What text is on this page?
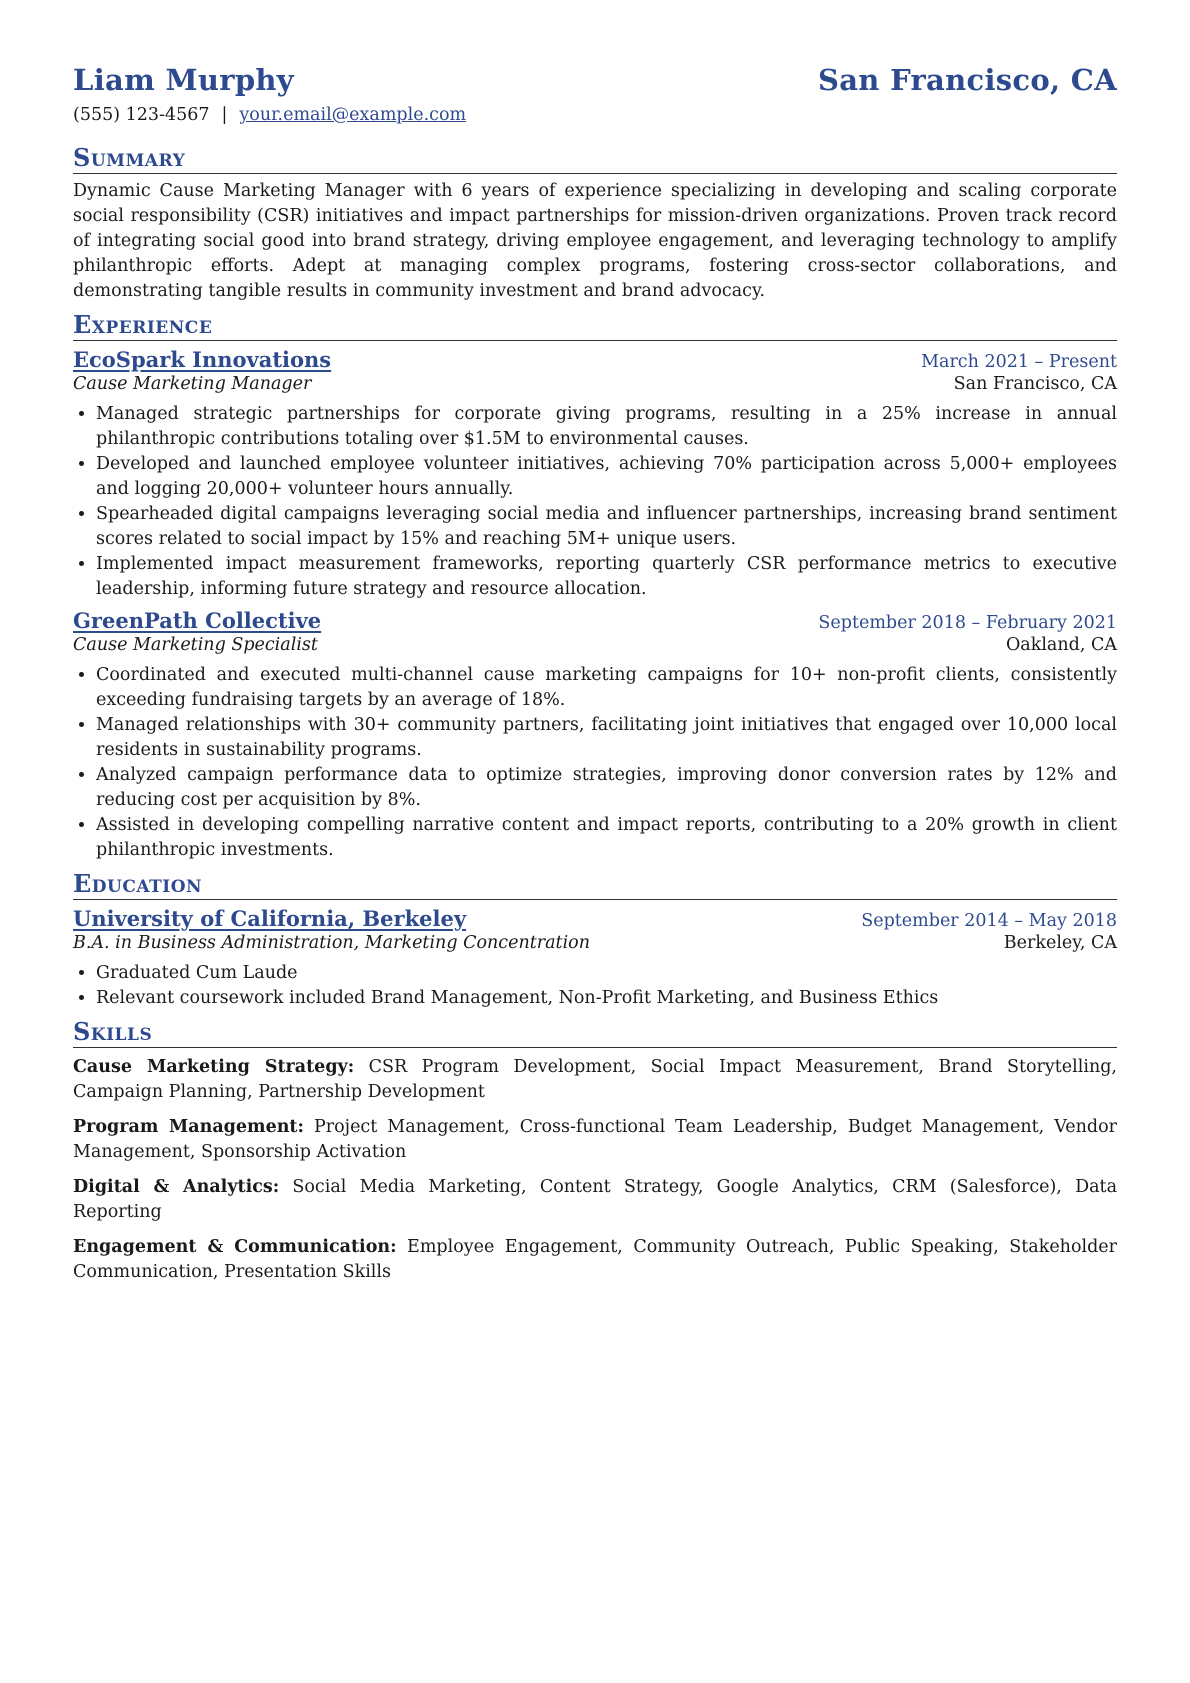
Liam Murphy	San Francisco, CA
(555) 123-4567 | your.email@example.com
Summary
Dynamic Cause Marketing Manager with 6 years of experience specializing in developing and scaling corporate social responsibility (CSR) initiatives and impact partnerships for mission-driven organizations. Proven track record of integrating social good into brand strategy, driving employee engagement, and leveraging technology to amplify philanthropic efforts. Adept at managing complex programs, fostering cross-sector collaborations, and demonstrating tangible results in community investment and brand advocacy.
Experience
EcoSpark Innovations	March 2021 – Present
Cause Marketing Manager	San Francisco, CA
• Managed strategic partnerships for corporate giving programs, resulting in a 25% increase in annual philanthropic contributions totaling over $1.5M to environmental causes.
• Developed and launched employee volunteer initiatives, achieving 70% participation across 5,000+ employees and logging 20,000+ volunteer hours annually.
• Spearheaded digital campaigns leveraging social media and influencer partnerships, increasing brand sentiment scores related to social impact by 15% and reaching 5M+ unique users.
• Implemented impact measurement frameworks, reporting quarterly CSR performance metrics to executive leadership, informing future strategy and resource allocation.
GreenPath Collective	September 2018 – February 2021
Cause Marketing Specialist	Oakland, CA
• Coordinated and executed multi-channel cause marketing campaigns for 10+ non-profit clients, consistently exceeding fundraising targets by an average of 18%.
• Managed relationships with 30+ community partners, facilitating joint initiatives that engaged over 10,000 local residents in sustainability programs.
• Analyzed campaign performance data to optimize strategies, improving donor conversion rates by 12% and reducing cost per acquisition by 8%.
• Assisted in developing compelling narrative content and impact reports, contributing to a 20% growth in client philanthropic investments.
Education
University of California, Berkeley	September 2014 – May 2018
B.A. in Business Administration, Marketing Concentration	Berkeley, CA
• Graduated Cum Laude
• Relevant coursework included Brand Management, Non-Profit Marketing, and Business Ethics
Skills
Cause Marketing Strategy: CSR Program Development, Social Impact Measurement, Brand Storytelling, Campaign Planning, Partnership Development
Program Management: Project Management, Cross-functional Team Leadership, Budget Management, Vendor Management, Sponsorship Activation
Digital & Analytics: Social Media Marketing, Content Strategy, Google Analytics, CRM (Salesforce), Data Reporting
Engagement & Communication: Employee Engagement, Community Outreach, Public Speaking, Stakeholder Communication, Presentation Skills
